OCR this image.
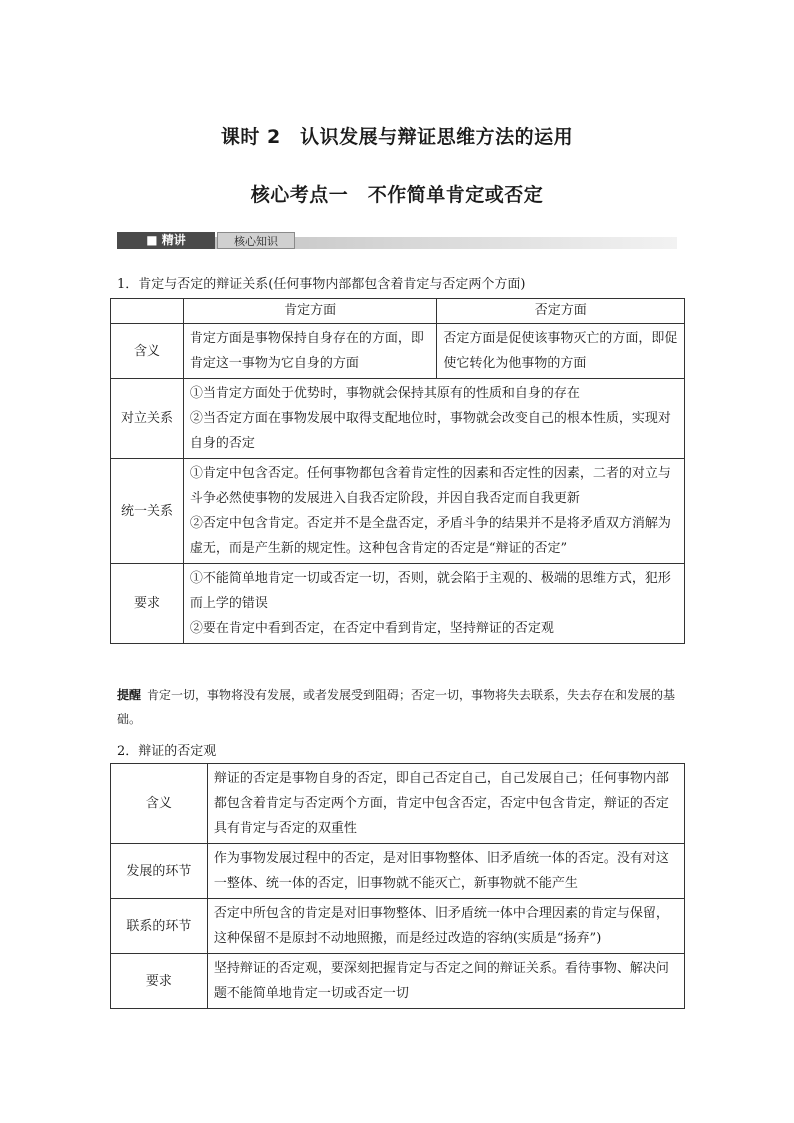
课时 2　认识发展与辩证思维方法的运用
核心考点一　不作简单肯定或否定
■ 精讲	核心知识
1．肯定与否定的辩证关系(任何事物内部都包含着肯定与否定两个方面)
	肯定方面	否定方面
含义	肯定方面是事物保持自身存在的方面，即肯定这一事物为它自身的方面	否定方面是促使该事物灭亡的方面，即促使它转化为他事物的方面
对立关系	①当肯定方面处于优势时，事物就会保持其原有的性质和自身的存在
②当否定方面在事物发展中取得支配地位时，事物就会改变自己的根本性质，实现对自身的否定	

统一关系	①肯定中包含否定。任何事物都包含着肯定性的因素和否定性的因素，二者的对立与斗争必然使事物的发展进入自我否定阶段，并因自我否定而自我更新
②否定中包含肯定。否定并不是全盘否定，矛盾斗争的结果并不是将矛盾双方消解为虚无，而是产生新的规定性。这种包含肯定的否定是“辩证的否定”	

要求	①不能简单地肯定一切或否定一切，否则，就会陷于主观的、极端的思维方式，犯形而上学的错误
②要在肯定中看到否定，在否定中看到肯定，坚持辩证的否定观	
提醒 肯定一切，事物将没有发展，或者发展受到阻碍；否定一切，事物将失去联系，失去存在和发展的基础。
2．辩证的否定观
含义	辩证的否定是事物自身的否定，即自己否定自己，自己发展自己；任何事物内部都包含着肯定与否定两个方面，肯定中包含否定，否定中包含肯定，辩证的否定具有肯定与否定的双重性
发展的环节	作为事物发展过程中的否定，是对旧事物整体、旧矛盾统一体的否定。没有对这一整体、统一体的否定，旧事物就不能灭亡，新事物就不能产生
联系的环节	否定中所包含的肯定是对旧事物整体、旧矛盾统一体中合理因素的肯定与保留，这种保留不是原封不动地照搬，而是经过改造的容纳(实质是“扬弃”)
要求	坚持辩证的否定观，要深刻把握肯定与否定之间的辩证关系。看待事物、解决问题不能简单地肯定一切或否定一切
